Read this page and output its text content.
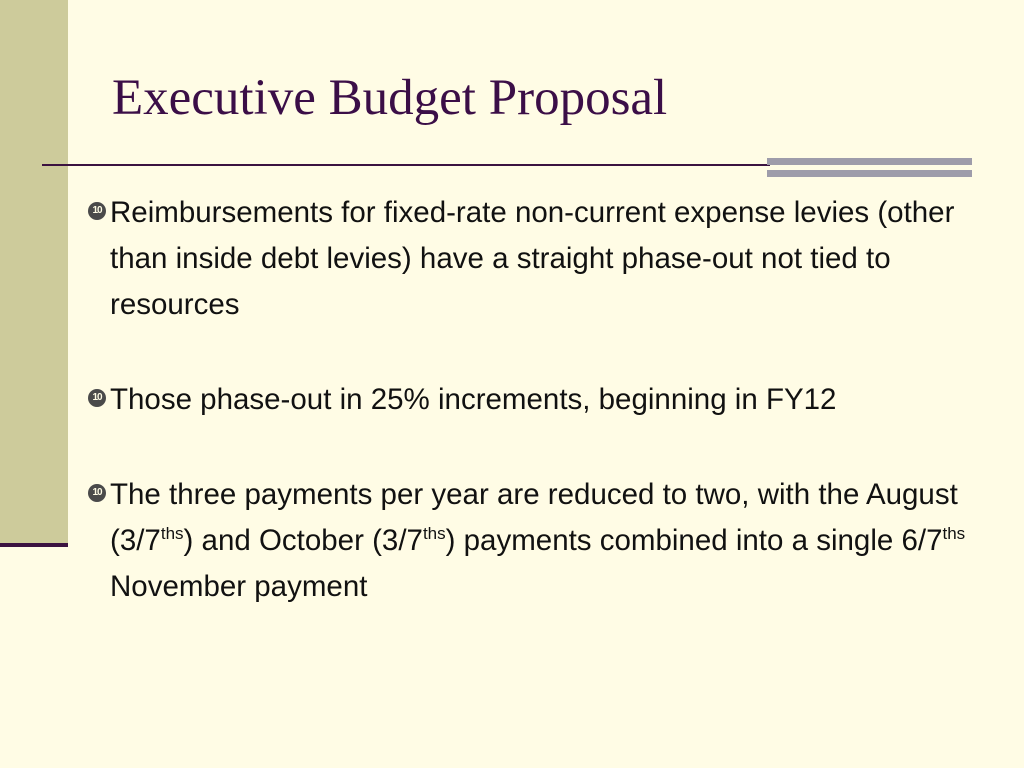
Executive Budget Proposal
10 Reimbursements for fixed-rate non-current expense levies (other than inside debt levies) have a straight phase-out not tied to resources
10 Those phase-out in 25% increments, beginning in FY12
10 The three payments per year are reduced to two, with the August $(3/7^{ths})$ and October $(3/7^{ths})$ payments combined into a single $6/7^{ths}$ November payment
